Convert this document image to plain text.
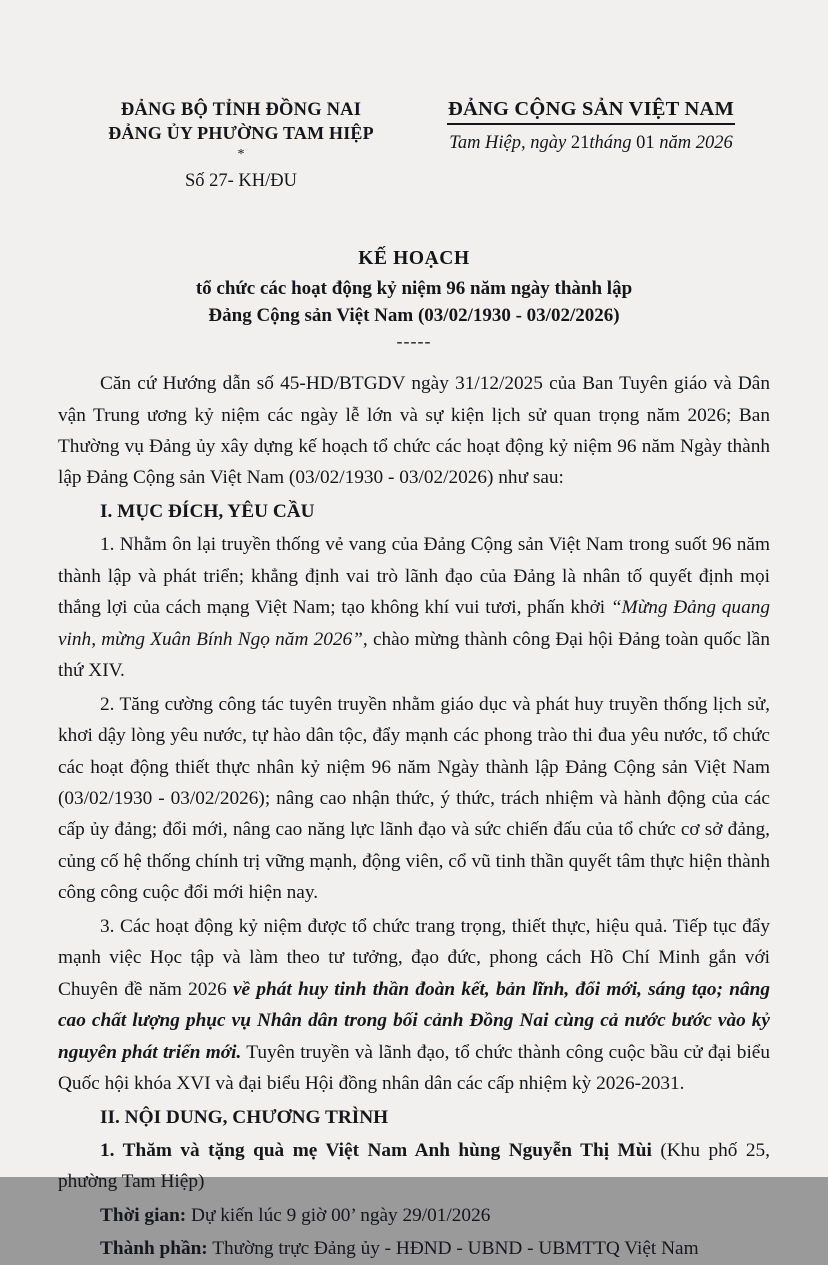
ĐẢNG BỘ TỈNH ĐỒNG NAI
ĐẢNG ỦY PHƯỜNG TAM HIỆP
*
Số 27- KH/ĐU
ĐẢNG CỘNG SẢN VIỆT NAM
Tam Hiệp, ngày 21tháng 01 năm 2026
KẾ HOẠCH
tổ chức các hoạt động kỷ niệm 96 năm ngày thành lập
Đảng Cộng sản Việt Nam (03/02/1930 - 03/02/2026)
-----

Căn cứ Hướng dẫn số 45-HD/BTGDV ngày 31/12/2025 của Ban Tuyên giáo và Dân vận Trung ương kỷ niệm các ngày lễ lớn và sự kiện lịch sử quan trọng năm 2026; Ban Thường vụ Đảng ủy xây dựng kế hoạch tổ chức các hoạt động kỷ niệm 96 năm Ngày thành lập Đảng Cộng sản Việt Nam (03/02/1930 - 03/02/2026) như sau:

I. MỤC ĐÍCH, YÊU CẦU

1. Nhằm ôn lại truyền thống vẻ vang của Đảng Cộng sản Việt Nam trong suốt 96 năm thành lập và phát triển; khẳng định vai trò lãnh đạo của Đảng là nhân tố quyết định mọi thắng lợi của cách mạng Việt Nam; tạo không khí vui tươi, phấn khởi “Mừng Đảng quang vinh, mừng Xuân Bính Ngọ năm 2026”, chào mừng thành công Đại hội Đảng toàn quốc lần thứ XIV.

2. Tăng cường công tác tuyên truyền nhằm giáo dục và phát huy truyền thống lịch sử, khơi dậy lòng yêu nước, tự hào dân tộc, đẩy mạnh các phong trào thi đua yêu nước, tổ chức các hoạt động thiết thực nhân kỷ niệm 96 năm Ngày thành lập Đảng Cộng sản Việt Nam (03/02/1930 - 03/02/2026); nâng cao nhận thức, ý thức, trách nhiệm và hành động của các cấp ủy đảng; đổi mới, nâng cao năng lực lãnh đạo và sức chiến đấu của tổ chức cơ sở đảng, củng cố hệ thống chính trị vững mạnh, động viên, cổ vũ tinh thần quyết tâm thực hiện thành công công cuộc đổi mới hiện nay.

3. Các hoạt động kỷ niệm được tổ chức trang trọng, thiết thực, hiệu quả. Tiếp tục đẩy mạnh việc Học tập và làm theo tư tưởng, đạo đức, phong cách Hồ Chí Minh gắn với Chuyên đề năm 2026 về phát huy tinh thần đoàn kết, bản lĩnh, đổi mới, sáng tạo; nâng cao chất lượng phục vụ Nhân dân trong bối cảnh Đồng Nai cùng cả nước bước vào kỷ nguyên phát triển mới. Tuyên truyền và lãnh đạo, tổ chức thành công cuộc bầu cử đại biểu Quốc hội khóa XVI và đại biểu Hội đồng nhân dân các cấp nhiệm kỳ 2026-2031.

II. NỘI DUNG, CHƯƠNG TRÌNH

1. Thăm và tặng quà mẹ Việt Nam Anh hùng Nguyễn Thị Mùi (Khu phố 25, phường Tam Hiệp)

Thời gian: Dự kiến lúc 9 giờ 00’ ngày 29/01/2026

Thành phần: Thường trực Đảng ủy - HĐND - UBND - UBMTTQ Việt Nam
